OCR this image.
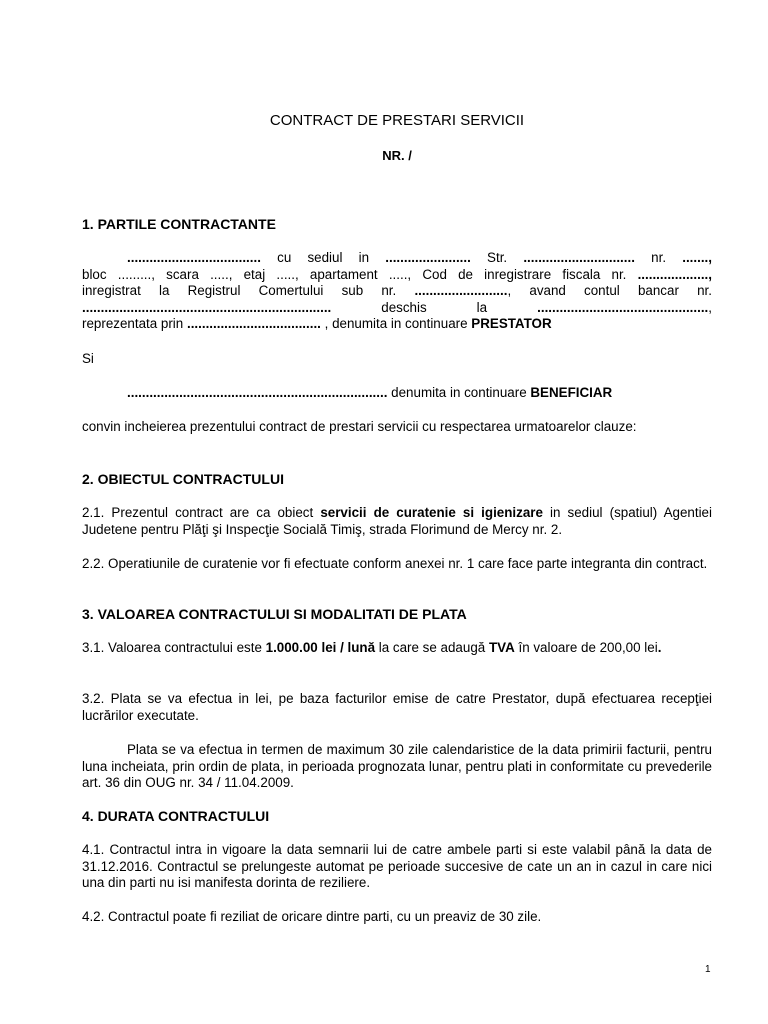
CONTRACT DE PRESTARI SERVICII
NR. /
1. PARTILE CONTRACTANTE
.................................... cu sediul in ....................... Str. .............................. nr. .......,
bloc ........., scara ....., etaj ....., apartament ....., Cod de inregistrare fiscala nr. ...................,
inregistrat la Registrul Comertului sub nr. ........................., avand contul bancar nr.
................................................................... deschis la ..............................................,
reprezentata prin .................................... , denumita in continuare PRESTATOR
Si
...................................................................... denumita in continuare BENEFICIAR
convin incheierea prezentului contract de prestari servicii cu respectarea urmatoarelor clauze:
2. OBIECTUL CONTRACTULUI
2.1. Prezentul contract are ca obiect servicii de curatenie si igienizare in sediul (spatiul) Agentiei Judetene pentru Plăţi şi Inspecţie Socială Timiş, strada Florimund de Mercy nr. 2.
2.2. Operatiunile de curatenie vor fi efectuate conform anexei nr. 1 care face parte integranta din contract.
3. VALOAREA CONTRACTULUI SI MODALITATI DE PLATA
3.1. Valoarea contractului este 1.000.00 lei / lună la care se adaugă TVA în valoare de 200,00 lei.
3.2. Plata se va efectua in lei, pe baza facturilor emise de catre Prestator, după efectuarea recepţiei lucrărilor executate.
Plata se va efectua in termen de maximum 30 zile calendaristice de la data primirii facturii, pentru luna incheiata, prin ordin de plata, in perioada prognozata lunar, pentru plati in conformitate cu prevederile art. 36 din OUG nr. 34 / 11.04.2009.
4. DURATA CONTRACTULUI
4.1. Contractul intra in vigoare la data semnarii lui de catre ambele parti si este valabil până la data de 31.12.2016. Contractul se prelungeste automat pe perioade succesive de cate un an in cazul in care nici una din parti nu isi manifesta dorinta de reziliere.
4.2. Contractul poate fi reziliat de oricare dintre parti, cu un preaviz de 30 zile.
1
